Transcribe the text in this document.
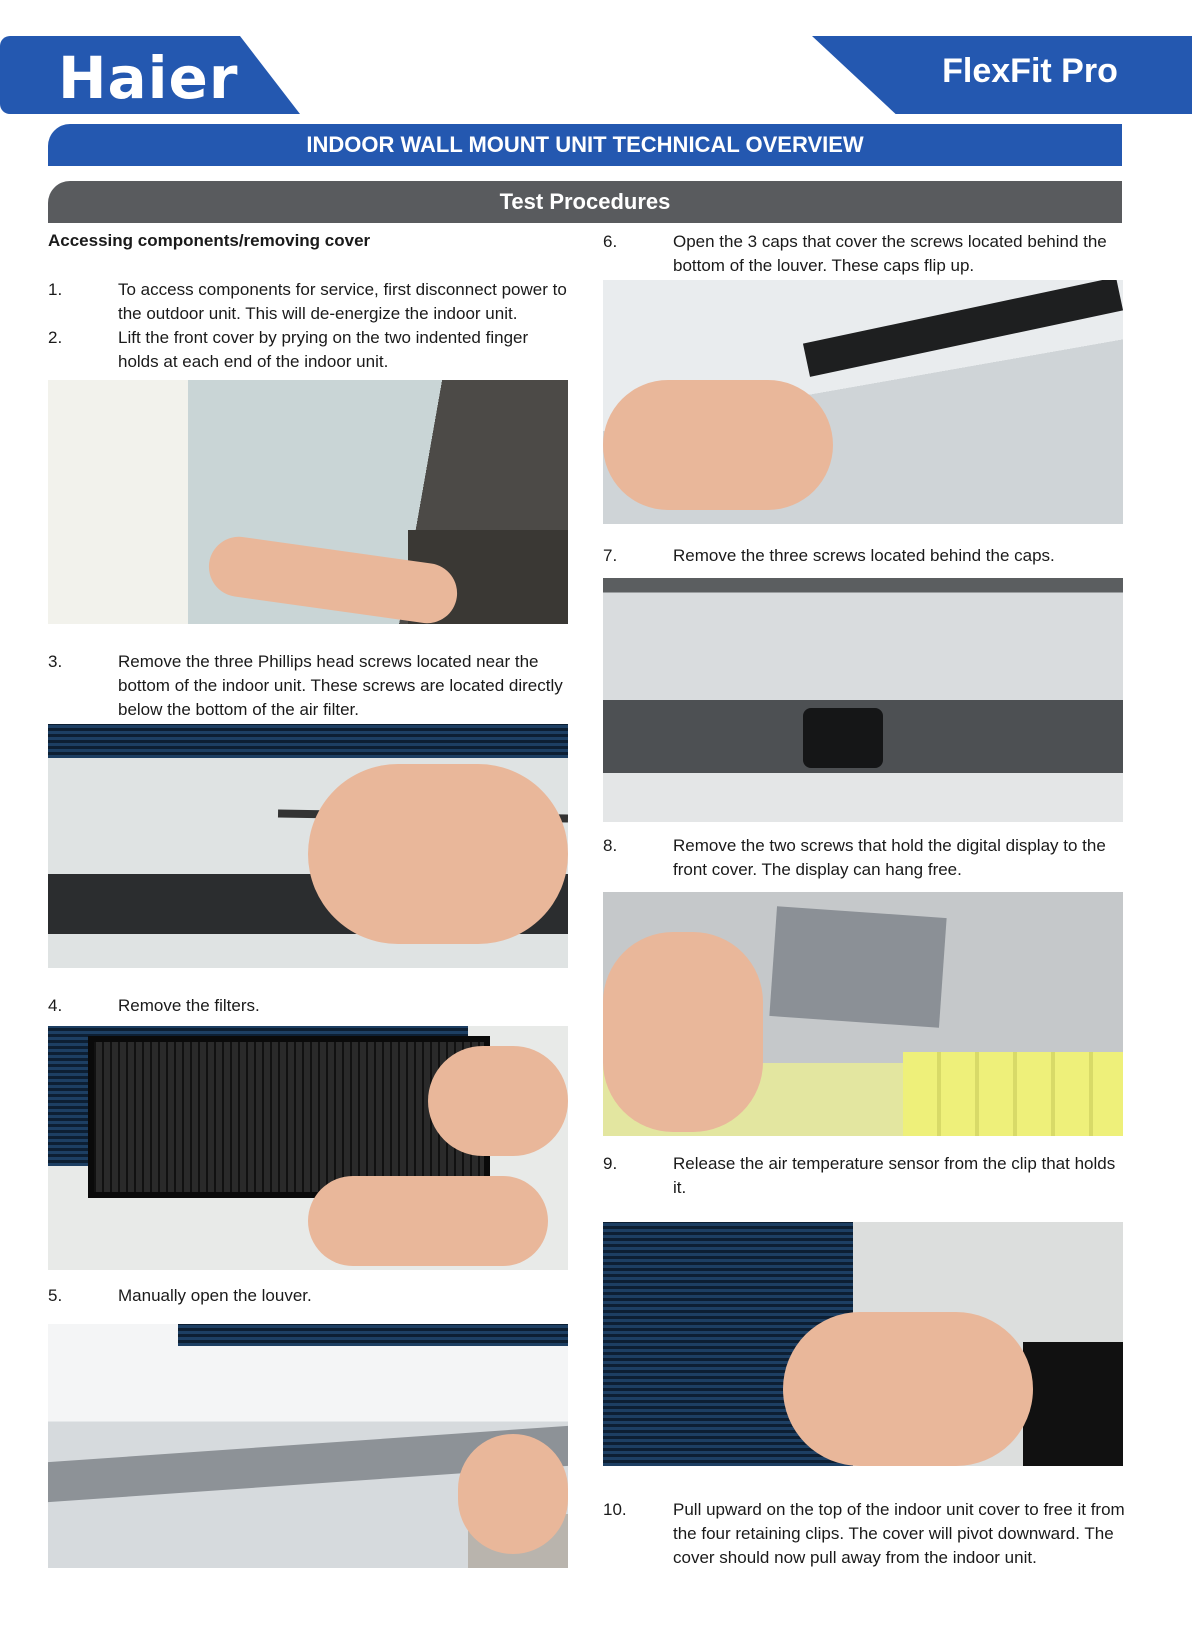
Haier	FlexFit Pro
INDOOR WALL MOUNT UNIT TECHNICAL OVERVIEW
Test Procedures
Accessing components/removing cover
1.	To access components for service, first disconnect power to the outdoor unit. This will de-energize the indoor unit.
2.	Lift the front cover by prying on the two indented finger holds at each end of the indoor unit.
3.	Remove the three Phillips head screws located near the bottom of the indoor unit. These screws are located directly below the bottom of the air filter.
4.	Remove the filters.
5.	Manually open the louver.
6.	Open the 3 caps that cover the screws located behind the bottom of the louver. These caps flip up.
7.	Remove the three screws located behind the caps.
8.	Remove the two screws that hold the digital display to the front cover. The display can hang free.
9.	Release the air temperature sensor from the clip that holds it.
10.	Pull upward on the top of the indoor unit cover to free it from the four retaining clips. The cover will pivot downward. The cover should now pull away from the indoor unit.
